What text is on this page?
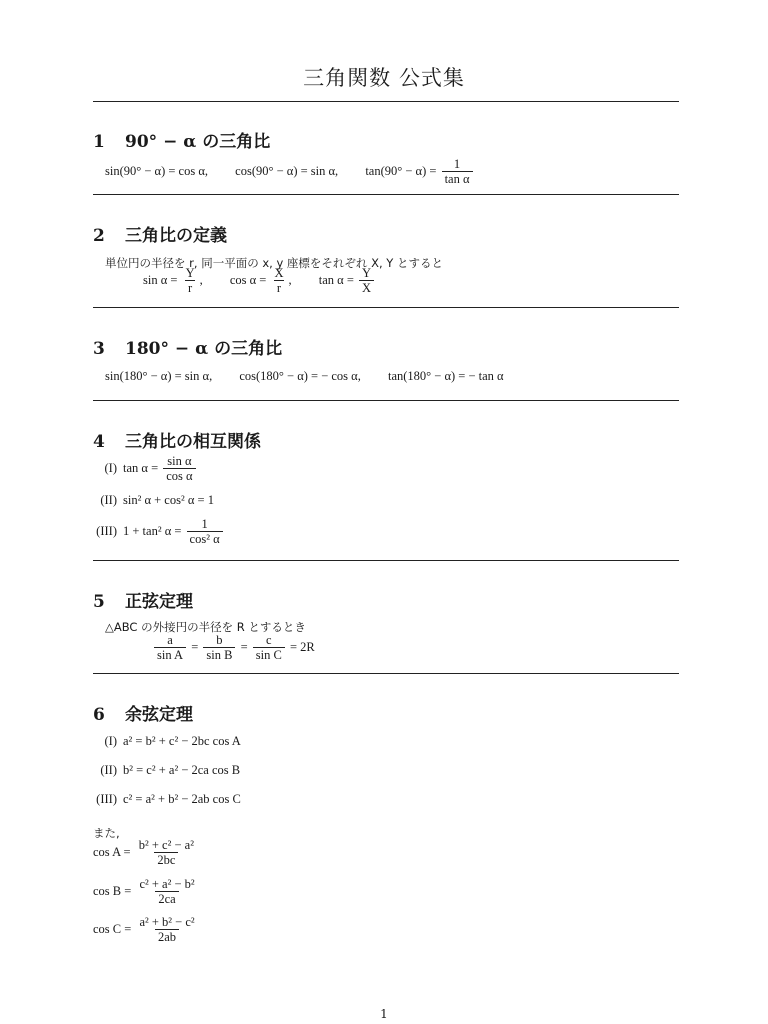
三角関数 公式集
1 90° − α の三角比
sin(90° − α) = cos α, cos(90° − α) = sin α, $\tan(90^\circ - \alpha) = \frac{1}{\text{tan α}}$
2 三角比の定義
単位円の半径を r, 同一平面の x, y 座標をそれぞれ X, Y とすると
$\sin \alpha = \frac{Y}{r}$ , $\cos \alpha = \frac{X}{r}$ , $\tan \alpha = \frac{Y}{X}$
3 180° − α の三角比
sin(180° − α) = sin α, cos(180° − α) = − cos α, tan(180° − α) = − tan α
4 三角比の相互関係
(I) $\tan \alpha = \frac{\text{sin α}}{\text{cos α}}$
(II) sin² α + cos² α = 1
(III) 1 + tan² $\alpha = \frac{1}{\text{cos² α}}$
5 正弦定理
△ABC の外接円の半径を R とするとき
$\frac{a}{\text{sin A}} = \frac{b}{\text{sin B}} = \frac{c}{\text{sin C}} = 2R$
6 余弦定理
(I) a² = b² + c² − 2bc cos A
(II) b² = c² + a² − 2ca cos B
(III) c² = a² + b² − 2ab cos C
また,
$\cos A = \frac{\text{b² + c² − a²}}{2bc}$
$\cos B = \frac{\text{c² + a² − b²}}{2ca}$
$\cos C = \frac{\text{a² + b² − c²}}{2ab}$
1
